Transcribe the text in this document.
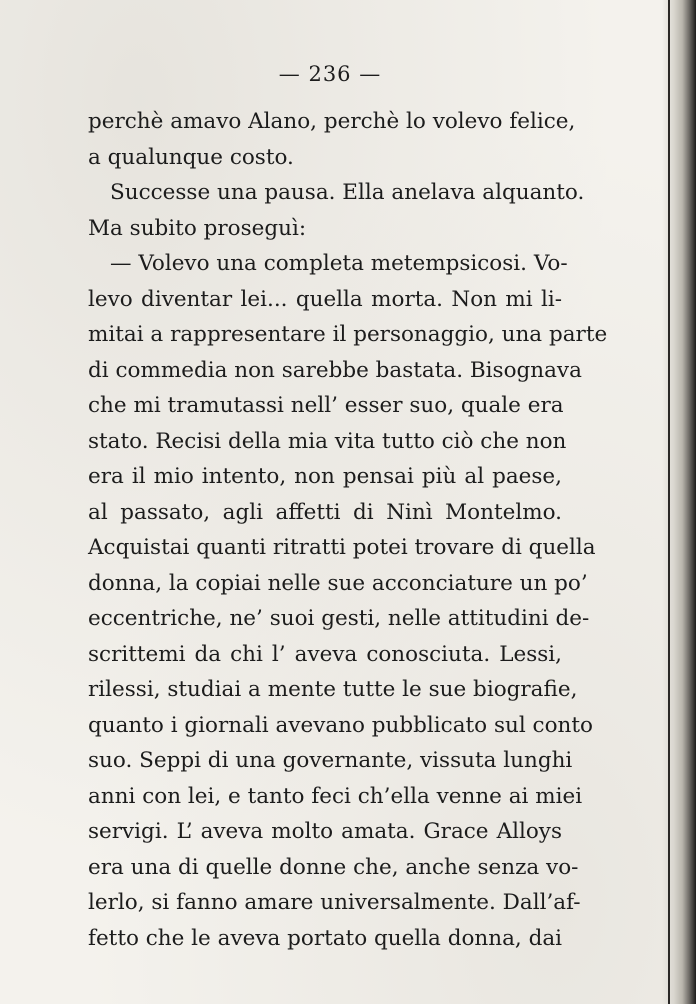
— 236 —
perchè amavo Alano, perchè lo volevo felice,
a qualunque costo.
Successe una pausa. Ella anelava alquanto.
Ma subito proseguì:
— Volevo una completa metempsicosi. Vo-
levo diventar lei... quella morta. Non mi li-
mitai a rappresentare il personaggio, una parte
di commedia non sarebbe bastata. Bisognava
che mi tramutassi nell’ esser suo, quale era
stato. Recisi della mia vita tutto ciò che non
era il mio intento, non pensai più al paese,
al passato, agli affetti di Ninì Montelmo.
Acquistai quanti ritratti potei trovare di quella
donna, la copiai nelle sue acconciature un po’
eccentriche, ne’ suoi gesti, nelle attitudini de-
scrittemi da chi l’ aveva conosciuta. Lessi,
rilessi, studiai a mente tutte le sue biografie,
quanto i giornali avevano pubblicato sul conto
suo. Seppi di una governante, vissuta lunghi
anni con lei, e tanto feci ch’ella venne ai miei
servigi. L’ aveva molto amata. Grace Alloys
era una di quelle donne che, anche senza vo-
lerlo, si fanno amare universalmente. Dall’af-
fetto che le aveva portato quella donna, dai
